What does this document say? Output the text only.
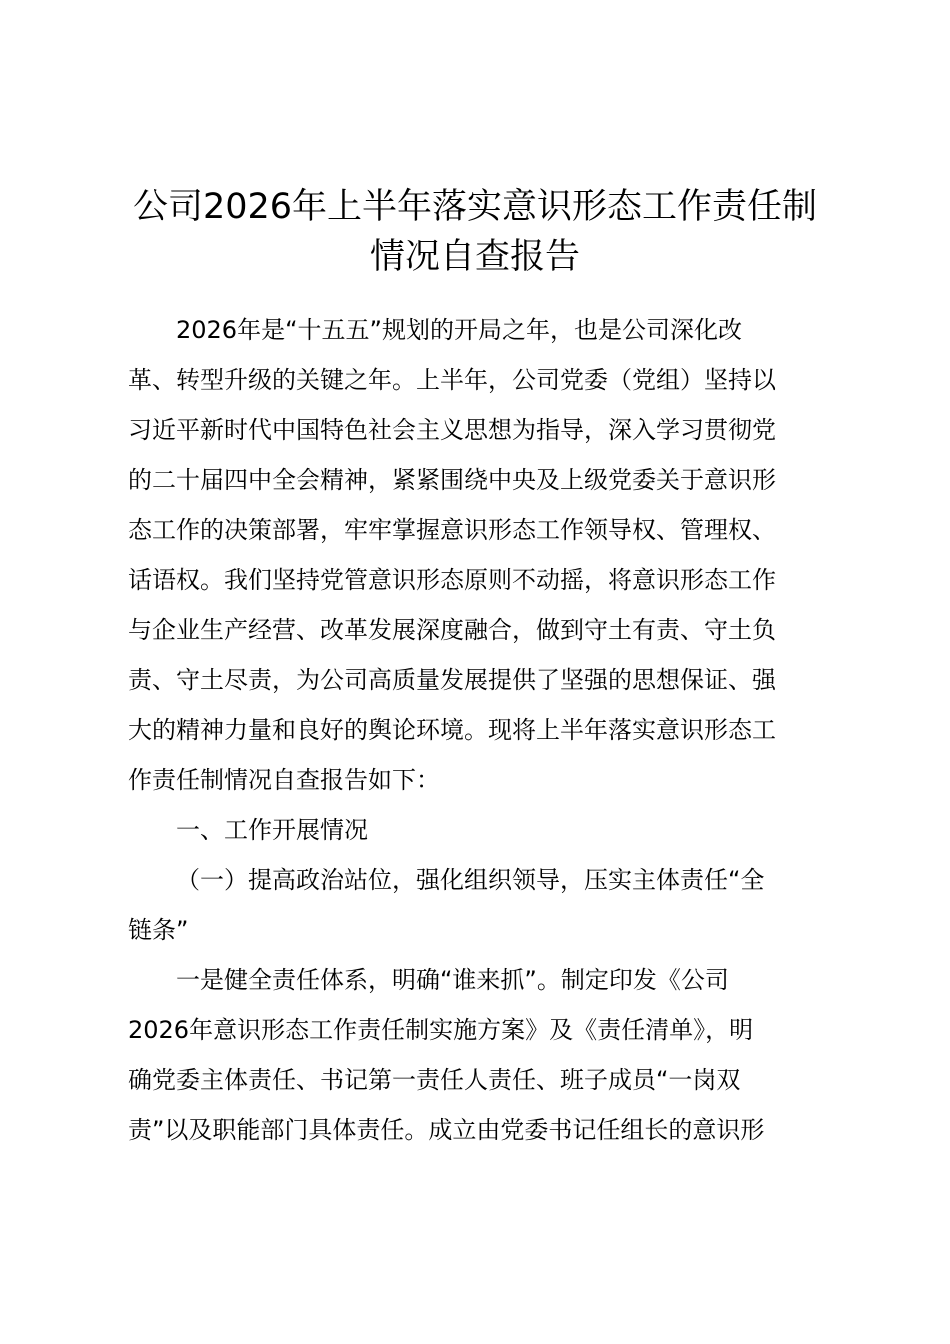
公司2026年上半年落实意识形态工作责任制
情况自查报告
2026年是“十五五”规划的开局之年，也是公司深化改
革、转型升级的关键之年。上半年，公司党委（党组）坚持以
习近平新时代中国特色社会主义思想为指导，深入学习贯彻党
的二十届四中全会精神，紧紧围绕中央及上级党委关于意识形
态工作的决策部署，牢牢掌握意识形态工作领导权、管理权、
话语权。我们坚持党管意识形态原则不动摇，将意识形态工作
与企业生产经营、改革发展深度融合，做到守土有责、守土负
责、守土尽责，为公司高质量发展提供了坚强的思想保证、强
大的精神力量和良好的舆论环境。现将上半年落实意识形态工
作责任制情况自查报告如下：
一、工作开展情况
（一）提高政治站位，强化组织领导，压实主体责任“全
链条”
一是健全责任体系，明确“谁来抓”。制定印发《公司
2026年意识形态工作责任制实施方案》及《责任清单》，明
确党委主体责任、书记第一责任人责任、班子成员“一岗双
责”以及职能部门具体责任。成立由党委书记任组长的意识形
